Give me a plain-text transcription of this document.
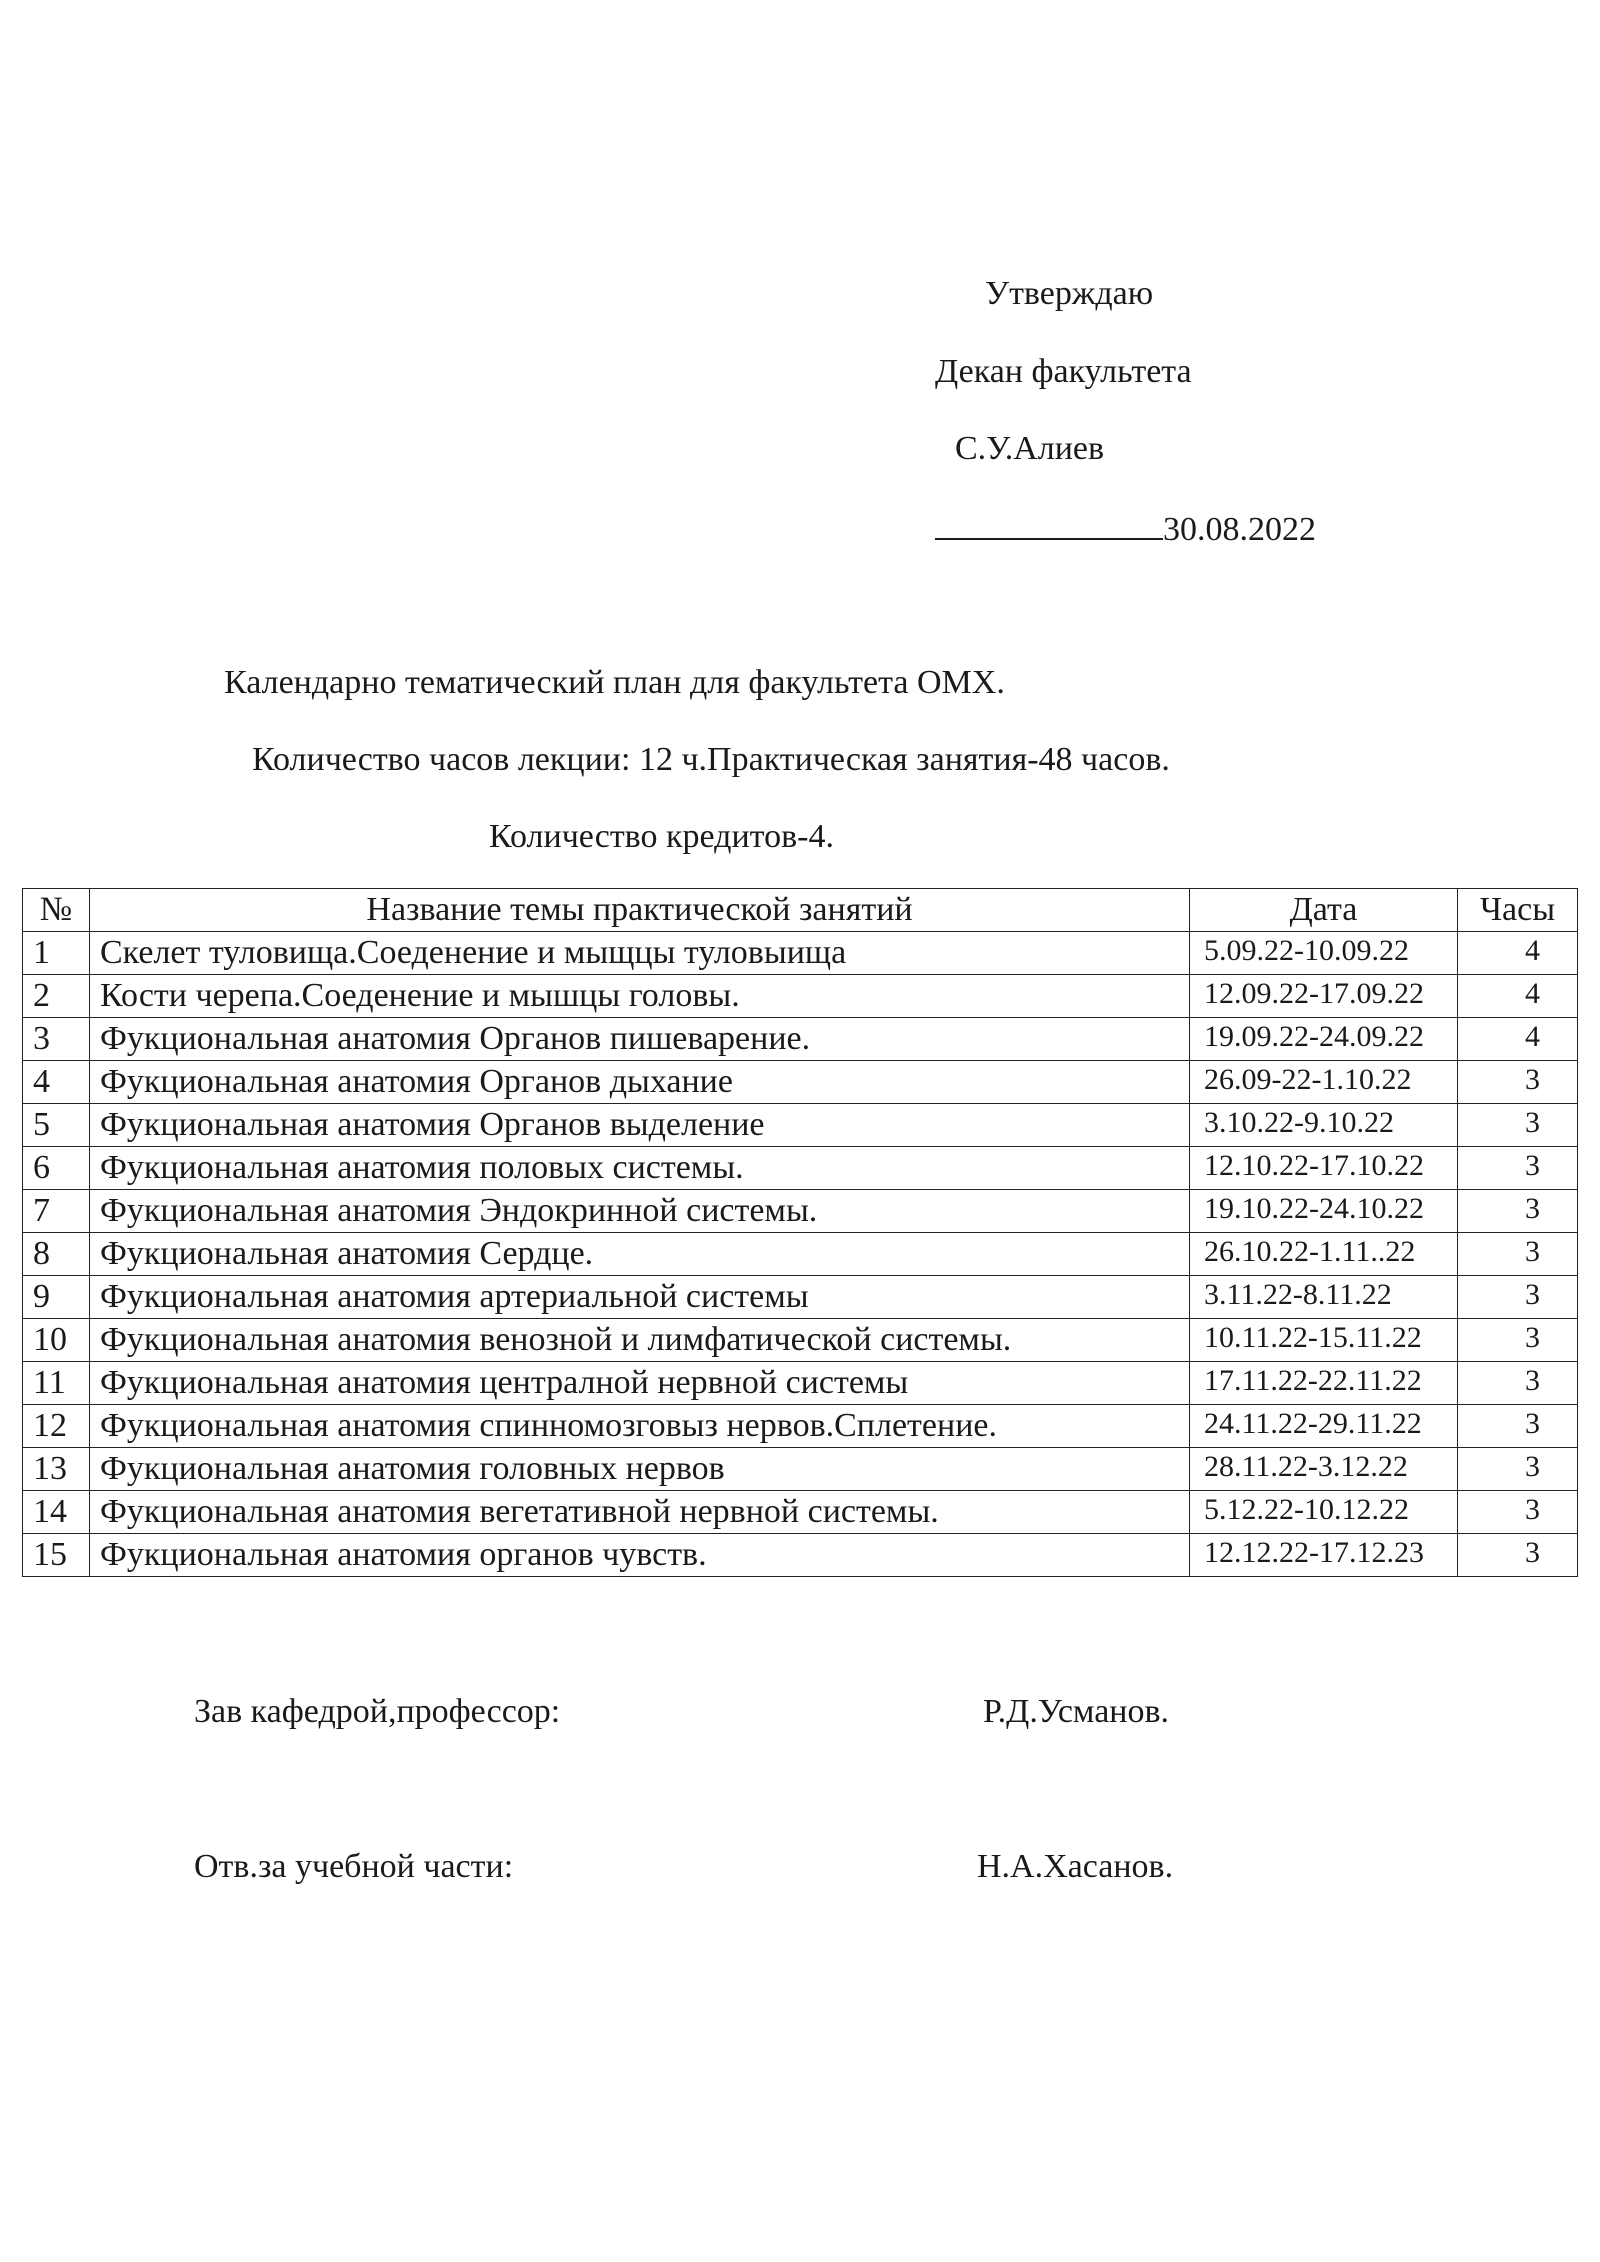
Утверждаю
Декан факультета
С.У.Алиев
30.08.2022
Календарно тематический план для факультета ОМХ.
Количество часов лекции: 12 ч.Практическая занятия-48 часов.
Количество кредитов-4.
№	Название темы практической занятий	Дата	Часы
1	Скелет туловища.Соеденение и мыщцы туловыища	5.09.22-10.09.22	4
2	Кости черепа.Соеденение и мышцы головы.	12.09.22-17.09.22	4
3	Фукциональная анатомия Органов пишеварение.	19.09.22-24.09.22	4
4	Фукциональная анатомия Органов дыхание	26.09-22-1.10.22	3
5	Фукциональная анатомия Органов выделение	3.10.22-9.10.22	3
6	Фукциональная анатомия половых системы.	12.10.22-17.10.22	3
7	Фукциональная анатомия Эндокринной системы.	19.10.22-24.10.22	3
8	Фукциональная анатомия Сердце.	26.10.22-1.11..22	3
9	Фукциональная анатомия артериальной системы	3.11.22-8.11.22	3
10	Фукциональная анатомия венозной и лимфатической системы.	10.11.22-15.11.22	3
11	Фукциональная анатомия централной нервной системы	17.11.22-22.11.22	3
12	Фукциональная анатомия спинномозговыз нервов.Сплетение.	24.11.22-29.11.22	3
13	Фукциональная анатомия головных нервов	28.11.22-3.12.22	3
14	Фукциональная анатомия вегетативной нервной системы.	5.12.22-10.12.22	3
15	Фукциональная анатомия органов чувств.	12.12.22-17.12.23	3
Зав кафедрой,профессор:	Р.Д.Усманов.
Отв.за учебной части:	Н.А.Хасанов.
